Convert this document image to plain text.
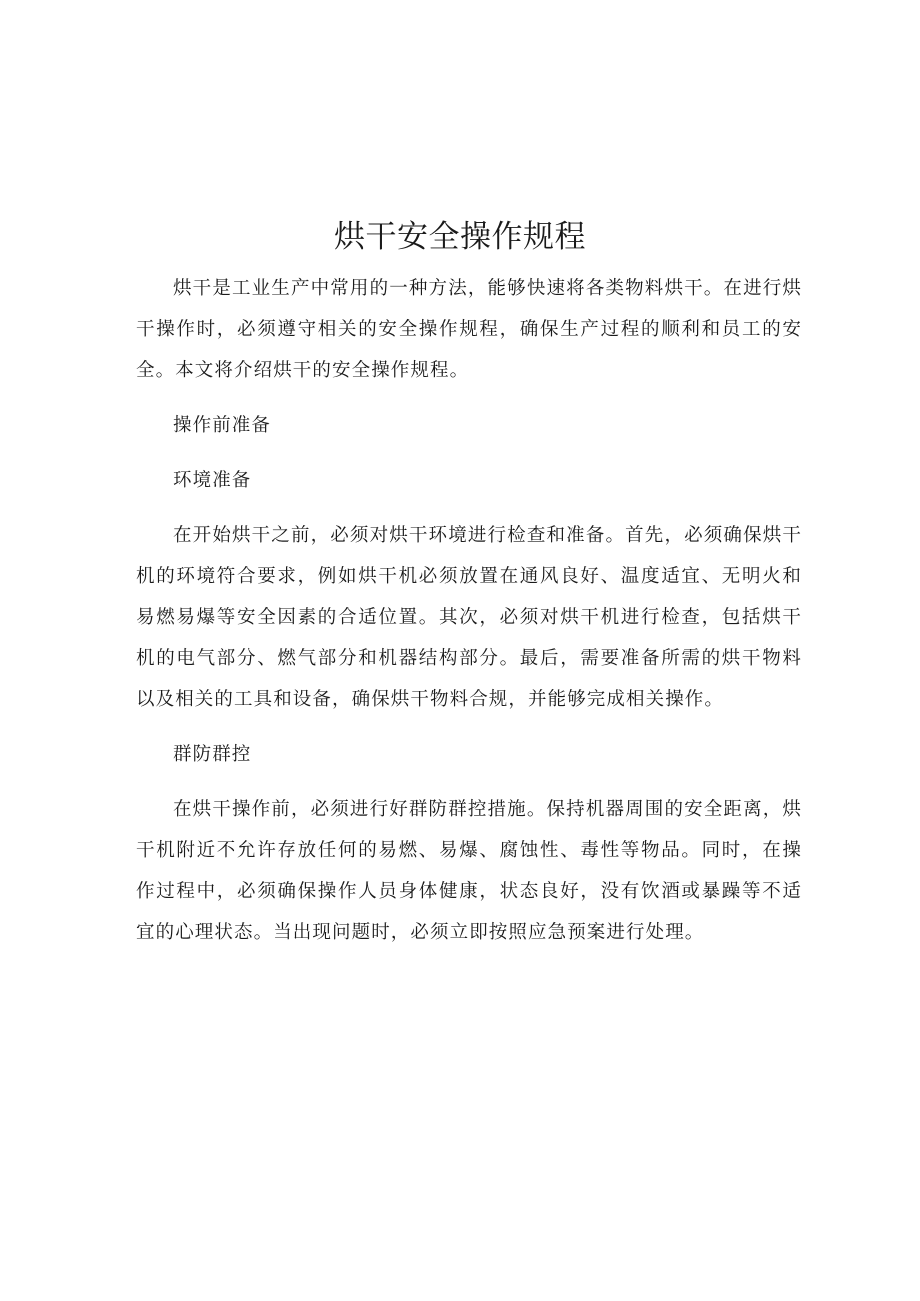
烘干安全操作规程

烘干是工业生产中常用的一种方法，能够快速将各类物料烘干。在进行烘干操作时，必须遵守相关的安全操作规程，确保生产过程的顺利和员工的安全。本文将介绍烘干的安全操作规程。

操作前准备

环境准备

在开始烘干之前，必须对烘干环境进行检查和准备。首先，必须确保烘干机的环境符合要求，例如烘干机必须放置在通风良好、温度适宜、无明火和易燃易爆等安全因素的合适位置。其次，必须对烘干机进行检查，包括烘干机的电气部分、燃气部分和机器结构部分。最后，需要准备所需的烘干物料以及相关的工具和设备，确保烘干物料合规，并能够完成相关操作。

群防群控

在烘干操作前，必须进行好群防群控措施。保持机器周围的安全距离，烘干机附近不允许存放任何的易燃、易爆、腐蚀性、毒性等物品。同时，在操作过程中，必须确保操作人员身体健康，状态良好，没有饮酒或暴躁等不适宜的心理状态。当出现问题时，必须立即按照应急预案进行处理。
